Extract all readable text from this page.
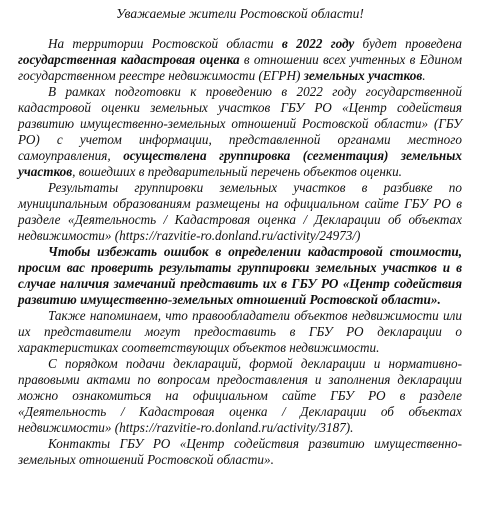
Уважаемые жители Ростовской области!

На территории Ростовской области в 2022 году будет проведена государственная кадастровая оценка в отношении всех учтенных в Едином государственном реестре недвижимости (ЕГРН) земельных участков.

В рамках подготовки к проведению в 2022 году государственной кадастровой оценки земельных участков ГБУ РО «Центр содействия развитию имущественно-земельных отношений Ростовской области» (ГБУ РО) с учетом информации, представленной органами местного самоуправления, осуществлена группировка (сегментация) земельных участков, вошедших в предварительный перечень объектов оценки.

Результаты группировки земельных участков в разбивке по муниципальным образованиям размещены на официальном сайте ГБУ РО в разделе «Деятельность / Кадастровая оценка / Декларации об объектах недвижимости» (https://razvitie-ro.donland.ru/activity/24973/)

Чтобы избежать ошибок в определении кадастровой стоимости, просим вас проверить результаты группировки земельных участков и в случае наличия замечаний представить их в ГБУ РО «Центр содействия развитию имущественно-земельных отношений Ростовской области».

Также напоминаем, что правообладатели объектов недвижимости или их представители могут предоставить в ГБУ РО декларации о характеристиках соответствующих объектов недвижимости.

С порядком подачи деклараций, формой декларации и нормативно-правовыми актами по вопросам предоставления и заполнения декларации можно ознакомиться на официальном сайте ГБУ РО в разделе «Деятельность / Кадастровая оценка / Декларации об объектах недвижимости» (https://razvitie-ro.donland.ru/activity/3187).

Контакты ГБУ РО «Центр содействия развитию имущественно-земельных отношений Ростовской области».
